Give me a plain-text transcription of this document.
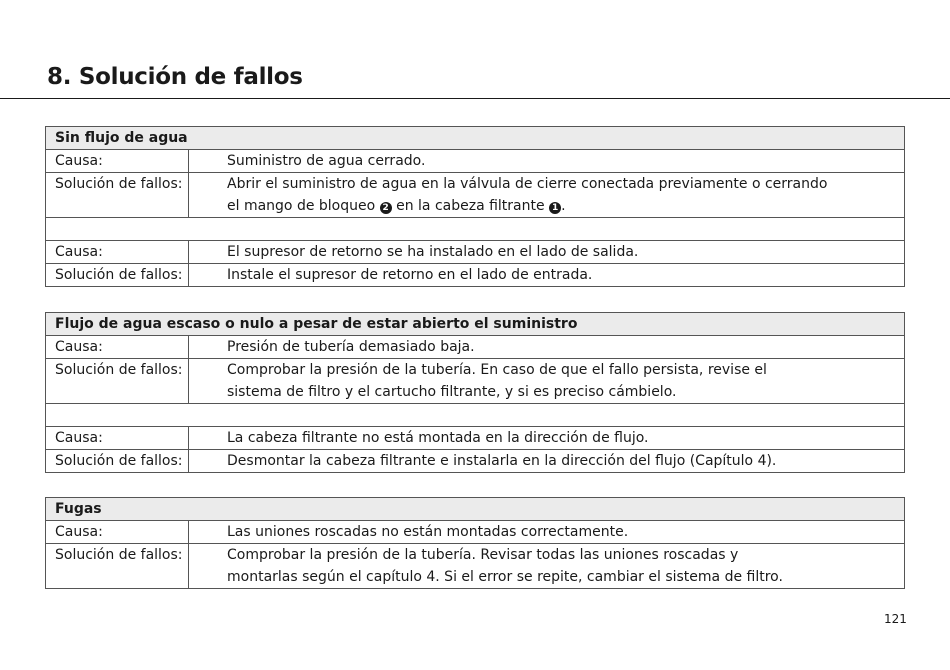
8. Solución de fallos
Sin flujo de agua	
Causa:	Suministro de agua cerrado.
Solución de fallos:	Abrir el suministro de agua en la válvula de cierre conectada previamente o cerrando
el mango de bloqueo 2 en la cabeza filtrante 1 .

Causa:	El supresor de retorno se ha instalado en el lado de salida.
Solución de fallos:	Instale el supresor de retorno en el lado de entrada.
Flujo de agua escaso o nulo a pesar de estar abierto el suministro	
Causa:	Presión de tubería demasiado baja.
Solución de fallos:	Comprobar la presión de la tubería. En caso de que el fallo persista, revise el
sistema de filtro y el cartucho filtrante, y si es preciso cámbielo.

Causa:	La cabeza filtrante no está montada en la dirección de flujo.
Solución de fallos:	Desmontar la cabeza filtrante e instalarla en la dirección del flujo (Capítulo 4).
Fugas	
Causa:	Las uniones roscadas no están montadas correctamente.
Solución de fallos:	Comprobar la presión de la tubería. Revisar todas las uniones roscadas y
montarlas según el capítulo 4. Si el error se repite, cambiar el sistema de filtro.
121
